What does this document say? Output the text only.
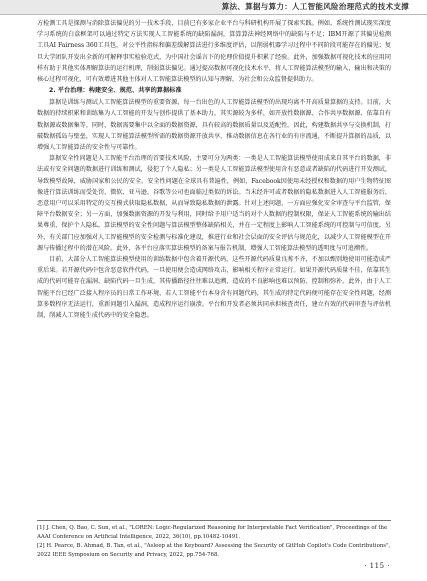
算法、算据与算力：人工智能风险治理范式的技术支撑

方检测工具是探测与消除算法偏见的另一技术手段，目前已有多家企业平台与科研机构开展了探索实践。例如，系统性测试现实深度学习系统的白盒框架可以通过特定方法实现人工智能系统的缺陷漏洞，算算算法神经网络中的缺陷与不足；IBM开源了其偏见检测工具AI Fairness 360工具包，对公平性指标和偏差缓解算法进行多维度评估，以削弱机器学习过程中不同阶段可能存在的偏见；复旦大学团队开发出全新的可解释事实检验范式，为中国社会谣言下的伦理价值提升积累了经验。此外，加强数据可视化技术的应用同样有助于其他实体理解算法的运行机理，削弱算法偏见。通过提高数据可视化技术水平，将人工智能算法模型的输入、输出和决策的核心过程可视化，可有效增进其他主体对人工智能算法模型的认知与理解，为社会和公众监督提供助力。

2. 平台治理：构建安全、规范、共享的算据标准

算据是训练与测试人工智能算法模型的重要资源，每一台出色的人工智能算法模型的出现均离不开高质量算据的支持。目前，大数据的持续积累和训练集为人工智能的开发与创作提供了基本助力，其实源较为多样，如开放性数据源、合作共享数据源、依靠自有数据源或数据集等，同时，数据需要集中以全面的数据资源，具有较高的数据质量以及适配性。因此，构建数据共享与交换机制，打破数据孤岛与壁垒，实现人工智能算法模型所需的数据资源开放共享，推动数据信息在各行业的有序流通，不断提升算据的品质，以增强人工智能算法的安全性与可靠性。

算据安全性问题是人工智能平台治理的首要技术风险，主要可分为两类：一类是人工智能算法模型使用成来自其平台的数据，非法或有安全问题的数据进行训练和测试，侵犯了个人隐私；另一类是人工智能算法模型使用含有恶意或者缺陷的代码进行开发测试，导致模型故障，威胁国家和公民的安全。安全性问题在全球具有普遍性，例如，Facebook因使用未经授权和数据的用户生物特征图像进行算法训练而受处罚，微软、亚马逊、谷歌等公司也面临过类似的诉讼。当未经许可或者数据的隐私数据进入人工智能服务后，恶意用户可以采用特定的交互模式获取隐私数据，从而导致隐私数据的泄露。针对上述问题，一方面应强化安全审查与平台监管，保障平台数据安全；另一方面，加强数据资源的开发与利用，同时给予用户适当的对个人数据的控制权限，保证人工智能系统的输出结果尊重、保护个人隐私。算法模型的安全性问题与算法模型整体缺陷相关，并在一定程度上影响人工智能系统的可控制与可信度。另外，有关部门应加强对人工智能模型的安全检测与标准化建设，推进行业和社会层面的安全评估与规范化，以减少人工智能模型在开源与传播过程中的潜在风险。此外，各平台应落实算法模型的备案与报告机制，增强人工智能算法模型的透明度与可追溯性。

目前，大部分人工智能算法模型使用的训练数据中包含着开源代码，这些开源代码质量良莠不齐，不加以甄别地使用可能造成严重后果。若开源代码中包含恶意软件代码，一旦使用便会造成网络攻击，影响相关程序正常运行。如果开源代码质量不佳，依靠其生成的代码可能存在漏洞、缺陷代码一旦生成，其传播路径往往难以追溯，造成的不良影响也难以预防、控制和弥补。此外，由于人工智能平台已经广泛接入程序员的日常工作环境，若人工智能平台本身含有问题代码，其生成的特定代码便可能存在安全性问题，经测算多数程序无法运行，重新问题引入漏洞，造成程序运行崩溃。平台和开发者必须共同承担核查责任，建立有效的代码审查与评估机制，削减人工智能生成代码中的安全隐患。

[1] J. Chen, Q. Bao, C. Sun, et al., "LOREN: Logic-Regularized Reasoning for Interpretable Fact Verification", Proceedings of the AAAI Conference on Artificial Intelligence, 2022, 36(10), pp.10482-10491.
[2] H. Pearce, B. Ahmad, B. Tan, et al., "Asleep at the Keyboard? Assessing the Security of GitHub Copilot's Code Contributions", 2022 IEEE Symposium on Security and Privacy, 2022, pp.754-768.
· 115 ·
